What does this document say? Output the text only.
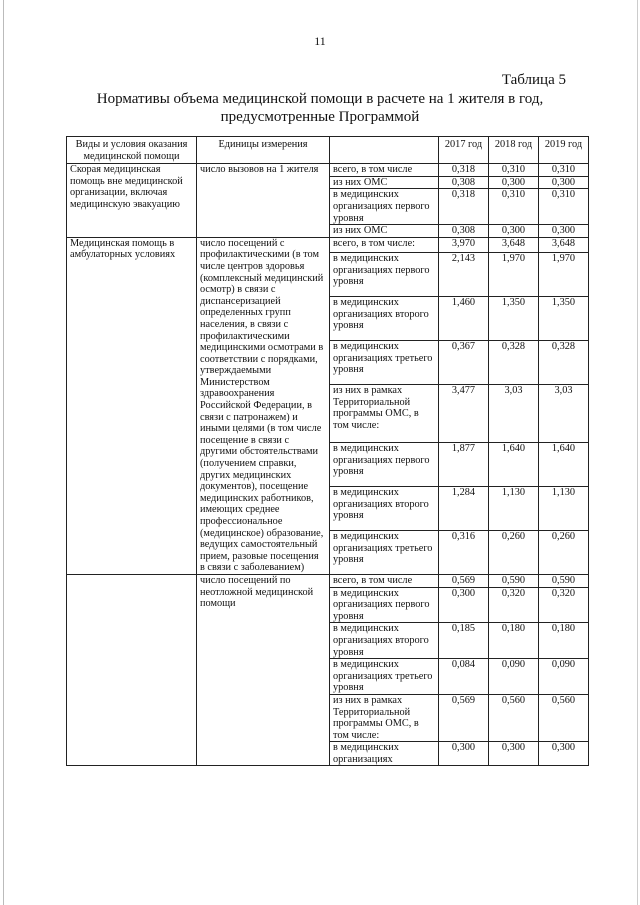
11
Таблица 5
Нормативы объема медицинской помощи в расчете на 1 жителя в год,
предусмотренные Программой
Виды и условия оказания медицинской помощи	Единицы измерения		2017 год	2018 год	2019 год
Скорая медицинская помощь вне медицинской организации, включая медицинскую эвакуацию	число вызовов на 1 жителя	всего, в том числе	0,318	0,310	0,310
		из них ОМС	0,308	0,300	0,300
		в медицинских организациях первого уровня	0,318	0,310	0,310
		из них ОМС	0,308	0,300	0,300
Медицинская помощь в амбулаторных условиях	число посещений с профилактическими (в том числе центров здоровья (комплексный медицинский осмотр) в связи с диспансеризацией определенных групп населения, в связи с профилактическими медицинскими осмотрами в соответствии с порядками, утверждаемыми Министерством здравоохранения Российской Федерации, в связи с патронажем) и иными целями (в том числе посещение в связи с другими обстоятельствами (получением справки, других медицинских документов), посещение медицинских работников, имеющих среднее профессиональное (медицинское) образование, ведущих самостоятельный прием, разовые посещения в связи с заболеванием)	всего, в том числе:	3,970	3,648	3,648
		в медицинских организациях первого уровня	2,143	1,970	1,970
		в медицинских организациях второго уровня	1,460	1,350	1,350
		в медицинских организациях третьего уровня	0,367	0,328	0,328
		из них в рамках Территориальной программы ОМС, в том числе:	3,477	3,03	3,03
		в медицинских организациях первого уровня	1,877	1,640	1,640
		в медицинских организациях второго уровня	1,284	1,130	1,130
		в медицинских организациях третьего уровня	0,316	0,260	0,260
	число посещений по неотложной медицинской помощи	всего, в том числе	0,569	0,590	0,590
		в медицинских организациях первого уровня	0,300	0,320	0,320
		в медицинских организациях второго уровня	0,185	0,180	0,180
		в медицинских организациях третьего уровня	0,084	0,090	0,090
		из них в рамках Территориальной программы ОМС, в том числе:	0,569	0,560	0,560
		в медицинских организациях	0,300	0,300	0,300
